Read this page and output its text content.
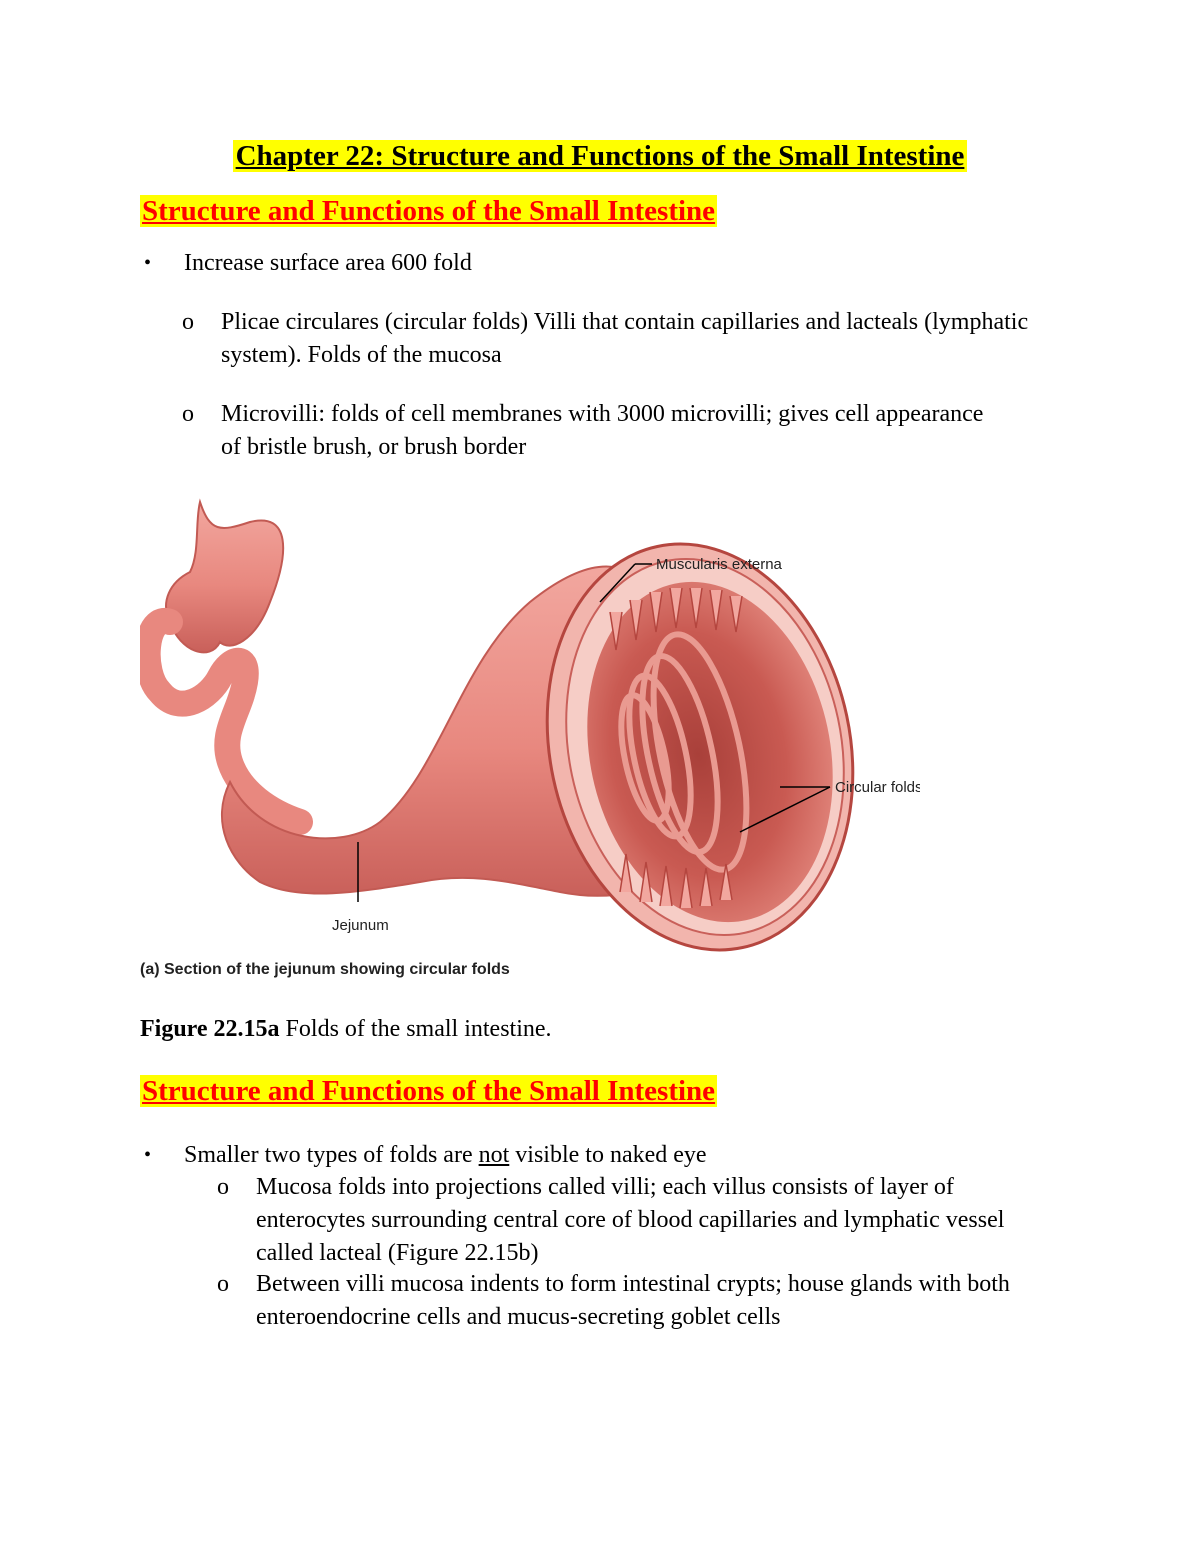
Chapter 22: Structure and Functions of the Small Intestine
Structure and Functions of the Small Intestine
• Increase surface area 600 fold
o Plicae circulares (circular folds) Villi that contain capillaries and lacteals (lymphatic system). Folds of the mucosa
o Microvilli: folds of cell membranes with 3000 microvilli; gives cell appearance of bristle brush, or brush border
Muscularis externa
Circular folds
Jejunum
(a) Section of the jejunum showing circular folds
Figure 22.15a Folds of the small intestine.
Structure and Functions of the Small Intestine
• Smaller two types of folds are not visible to naked eye
o Mucosa folds into projections called villi; each villus consists of layer of enterocytes surrounding central core of blood capillaries and lymphatic vessel called lacteal (Figure 22.15b)
o Between villi mucosa indents to form intestinal crypts; house glands with both enteroendocrine cells and mucus-secreting goblet cells
